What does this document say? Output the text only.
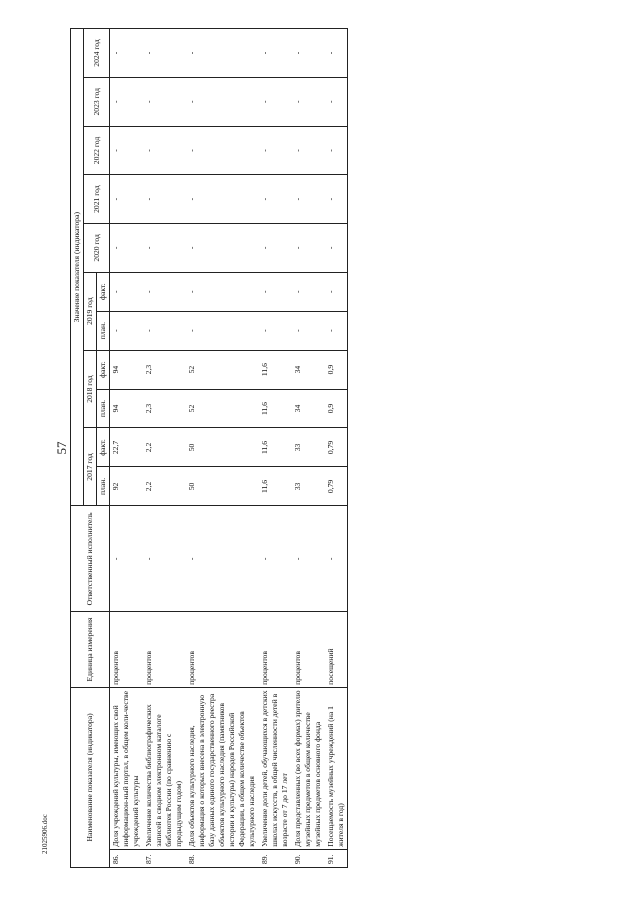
57
21025906.doc	Наименование показателя (индикатора)		Единица измерения	Ответственный исполнитель	Значение показателя (индикатора)										
				2017 год		2018 год		2019 год		2020 год	2021 год	2022 год	2023 год	2024 год
				план.	факт.	план.	факт.	план.	факт.					
86.	Доля учреждений культуры, имеющих свой информацион-ный портал, в общем коли-честве учреждений культуры	процентов	-	92	22,7	94	94	-	-	-	-	-	-	-
87.	Увеличение количества библиографических записей в сводном электронном каталоге библиотек России (по сравнению с предыдущим годом)	процентов	-	2,2	2,2	2,3	2,3	-	-	-	-	-	-	-
88.	Доля объектов культурного наследия, информация о которых внесена в электронную базу данных единого государственного реестра объектов культурного наследия (памятников истории и культуры) народов Российской Федерации, в общем количестве объектов культурного наследия	процентов	-	50	50	52	52	-	-	-	-	-	-	-
89.	Увеличение доли детей, обучающихся в детских школах искусств, в общей численности детей в возрасте от 7 до 17 лет	процентов	-	11,6	11,6	11,6	11,6	-	-	-	-	-	-	-
90.	Доля представленных (во всех формах) зрителю музейных предметов в общем количестве музейных предметов основного фонда	процентов	-	33	33	34	34	-	-	-	-	-	-	-
91.	Посещаемость музейных учреждений (на 1 жителя в год)	посещений	-	0,79	0,79	0,9	0,9	-	-	-	-	-	-	-
